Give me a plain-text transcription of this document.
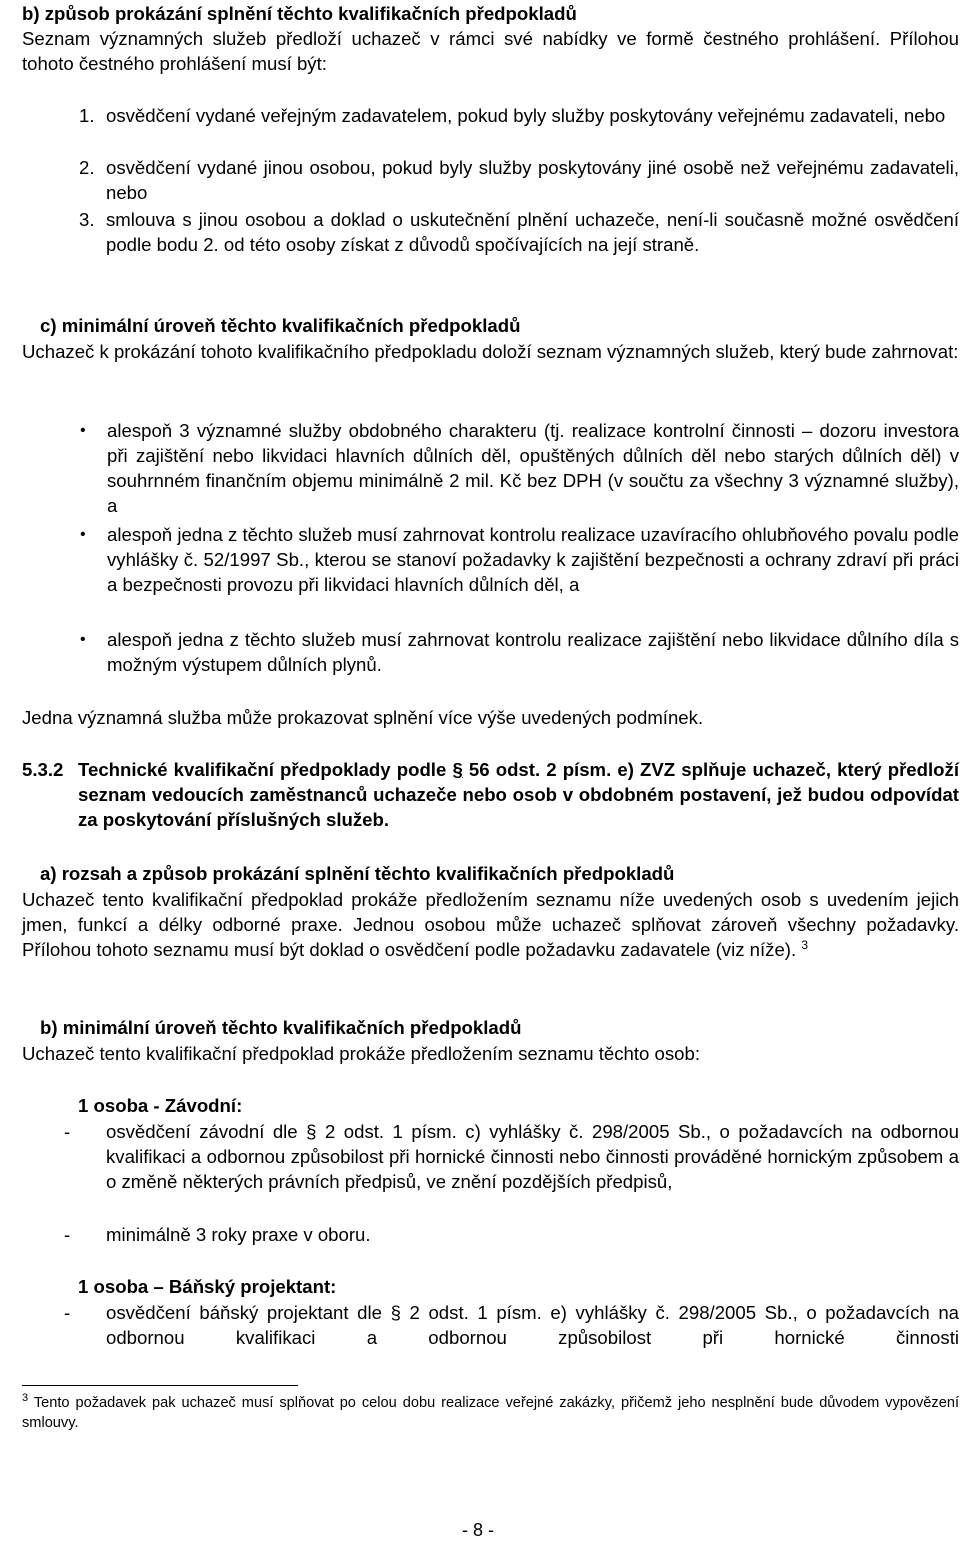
b) způsob prokázání splnění těchto kvalifikačních předpokladů

Seznam významných služeb předloží uchazeč v rámci své nabídky ve formě čestného prohlášení. Přílohou tohoto čestného prohlášení musí být:

1. osvědčení vydané veřejným zadavatelem, pokud byly služby poskytovány veřejnému zadavateli, nebo
2. osvědčení vydané jinou osobou, pokud byly služby poskytovány jiné osobě než veřejnému zadavateli, nebo
3. smlouva s jinou osobou a doklad o uskutečnění plnění uchazeče, není-li současně možné osvědčení podle bodu 2. od této osoby získat z důvodů spočívajících na její straně.

c) minimální úroveň těchto kvalifikačních předpokladů

Uchazeč k prokázání tohoto kvalifikačního předpokladu doloží seznam významných služeb, který bude zahrnovat:

• alespoň 3 významné služby obdobného charakteru (tj. realizace kontrolní činnosti – dozoru investora při zajištění nebo likvidaci hlavních důlních děl, opuštěných důlních děl nebo starých důlních děl) v souhrnném finančním objemu minimálně 2 mil. Kč bez DPH (v součtu za všechny 3 významné služby), a
• alespoň jedna z těchto služeb musí zahrnovat kontrolu realizace uzavíracího ohlubňového povalu podle vyhlášky č. 52/1997 Sb., kterou se stanoví požadavky k zajištění bezpečnosti a ochrany zdraví při práci a bezpečnosti provozu při likvidaci hlavních důlních děl, a
• alespoň jedna z těchto služeb musí zahrnovat kontrolu realizace zajištění nebo likvidace důlního díla s možným výstupem důlních plynů.

Jedna významná služba může prokazovat splnění více výše uvedených podmínek.

5.3.2 Technické kvalifikační předpoklady podle § 56 odst. 2 písm. e) ZVZ splňuje uchazeč, který předloží seznam vedoucích zaměstnanců uchazeče nebo osob v obdobném postavení, jež budou odpovídat za poskytování příslušných služeb.

a) rozsah a způsob prokázání splnění těchto kvalifikačních předpokladů

Uchazeč tento kvalifikační předpoklad prokáže předložením seznamu níže uvedených osob s uvedením jejich jmen, funkcí a délky odborné praxe. Jednou osobou může uchazeč splňovat zároveň všechny požadavky. Přílohou tohoto seznamu musí být doklad o osvědčení podle požadavku zadavatele (viz níže). $^3$

b) minimální úroveň těchto kvalifikačních předpokladů

Uchazeč tento kvalifikační předpoklad prokáže předložením seznamu těchto osob:

1 osoba - Závodní:

- osvědčení závodní dle § 2 odst. 1 písm. c) vyhlášky č. 298/2005 Sb., o požadavcích na odbornou kvalifikaci a odbornou způsobilost při hornické činnosti nebo činnosti prováděné hornickým způsobem a o změně některých právních předpisů, ve znění pozdějších předpisů,
- minimálně 3 roky praxe v oboru.

1 osoba – Báňský projektant:

- osvědčení báňský projektant dle § 2 odst. 1 písm. e) vyhlášky č. 298/2005 Sb., o požadavcích na odbornou kvalifikaci a odbornou způsobilost při hornické činnosti

$^3$ Tento požadavek pak uchazeč musí splňovat po celou dobu realizace veřejné zakázky, přičemž jeho nesplnění bude důvodem vypovězení smlouvy.

- 8 -
